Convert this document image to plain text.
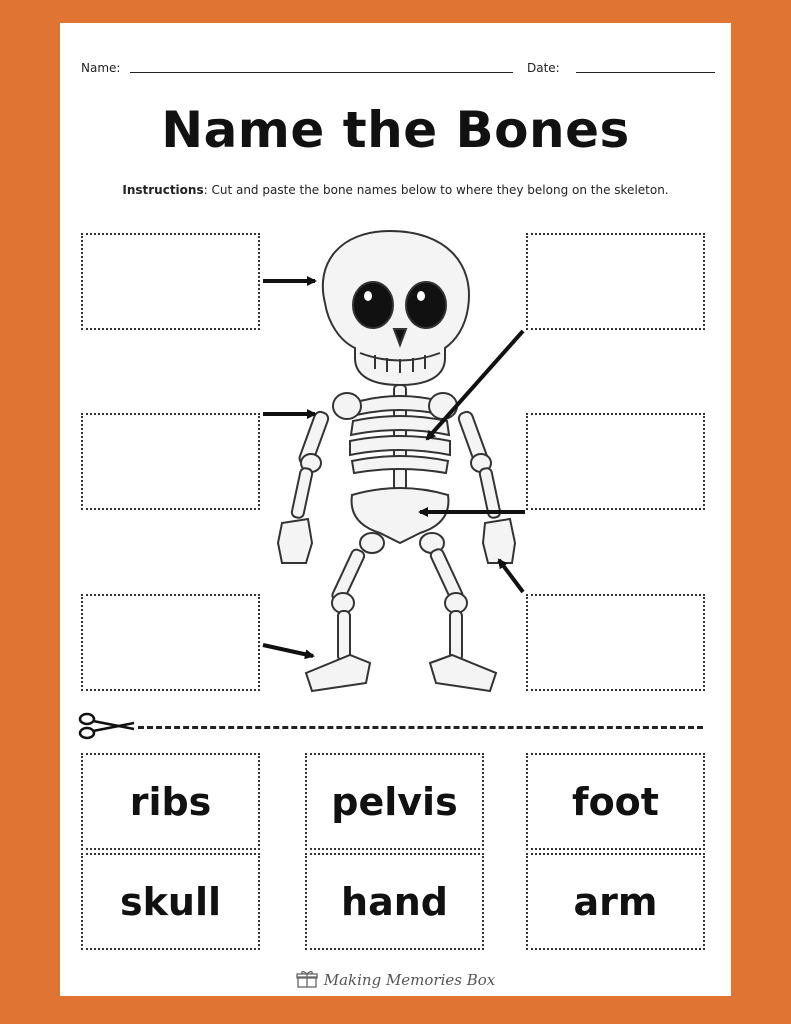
Name:	Date:
Name the Bones
Instructions: Cut and paste the bone names below to where they belong on the skeleton.
ribs	pelvis	foot
skull	hand	arm
Making Memories Box
